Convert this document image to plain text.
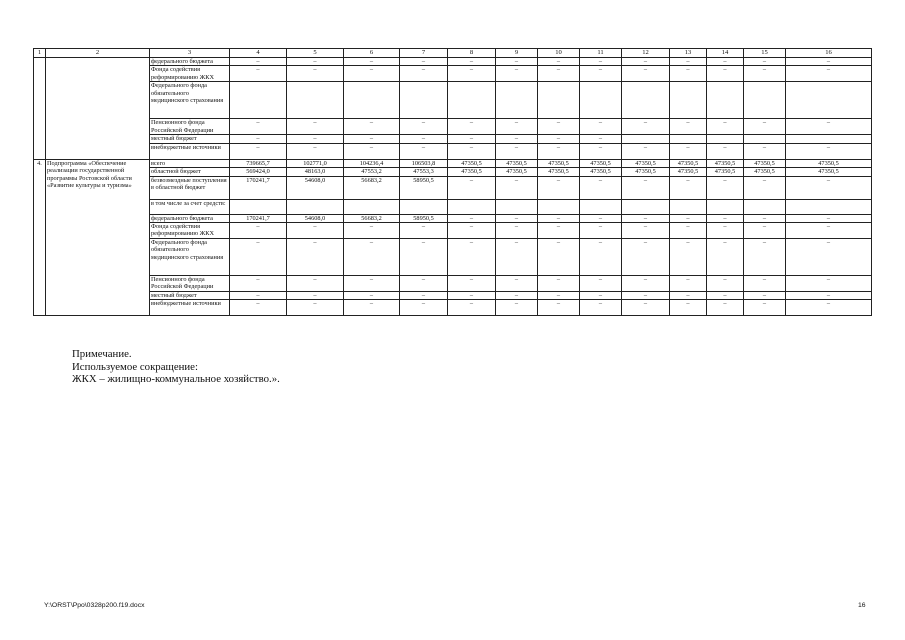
1	2	3	4	5	6	7	8	9	10	11	12	13	14	15	16
		федерального бюджета	–	–	–	–	–	–	–	–	–	–	–	–	–
		Фонда содействия реформированию ЖКХ	–	–	–	–	–	–	–	–	–	–	–	–	–
		Федерального фонда обязательного медицинского страхования													
		Пенсионного фонда Российской Федерации	–	–	–	–	–	–	–	–	–	–	–	–	–
		местный бюджет	–	–	–	–	–	–	–	–					
		внебюджетные источники	–	–	–	–	–	–	–	–	–	–	–	–	–
4.	Подпрограмма «Обеспечение реализации государственной программы Ростовской области «Развитие культуры и туризма»	всего	739665,7	102771,0	104236,4	106503,8	47350,5	47350,5	47350,5	47350,5	47350,5	47350,5	47350,5	47350,5	47350,5
		областной бюджет	569424,0	48163,0	47553,2	47553,3	47350,5	47350,5	47350,5	47350,5	47350,5	47350,5	47350,5	47350,5	47350,5
		безвозмездные поступления в областной бюджет	170241,7	54608,0	56683,2	58950,5	–	–	–	–	–	–	–	–	–
		в том числе за счет средств:													
		федерального бюджета	170241,7	54608,0	56683,2	58950,5	–	–	–	–	–	–	–	–	–
		Фонда содействия реформированию ЖКХ	–	–	–	–	–	–	–	–	–	–	–	–	–
		Федерального фонда обязательного медицинского страхования	–	–	–	–	–	–	–	–	–	–	–	–	–
		Пенсионного фонда Российской Федерации	–	–	–	–	–	–	–	–	–	–	–	–	–
		местный бюджет	–	–	–	–	–	–	–	–	–	–	–	–	–
		внебюджетные источники	–	–	–	–	–	–	–	–	–	–	–	–	–
Примечание.
Используемое сокращение:
ЖКХ – жилищно-коммунальное хозяйство.».
Y:\ORST\Ppo\0328p200.f19.docx	16
